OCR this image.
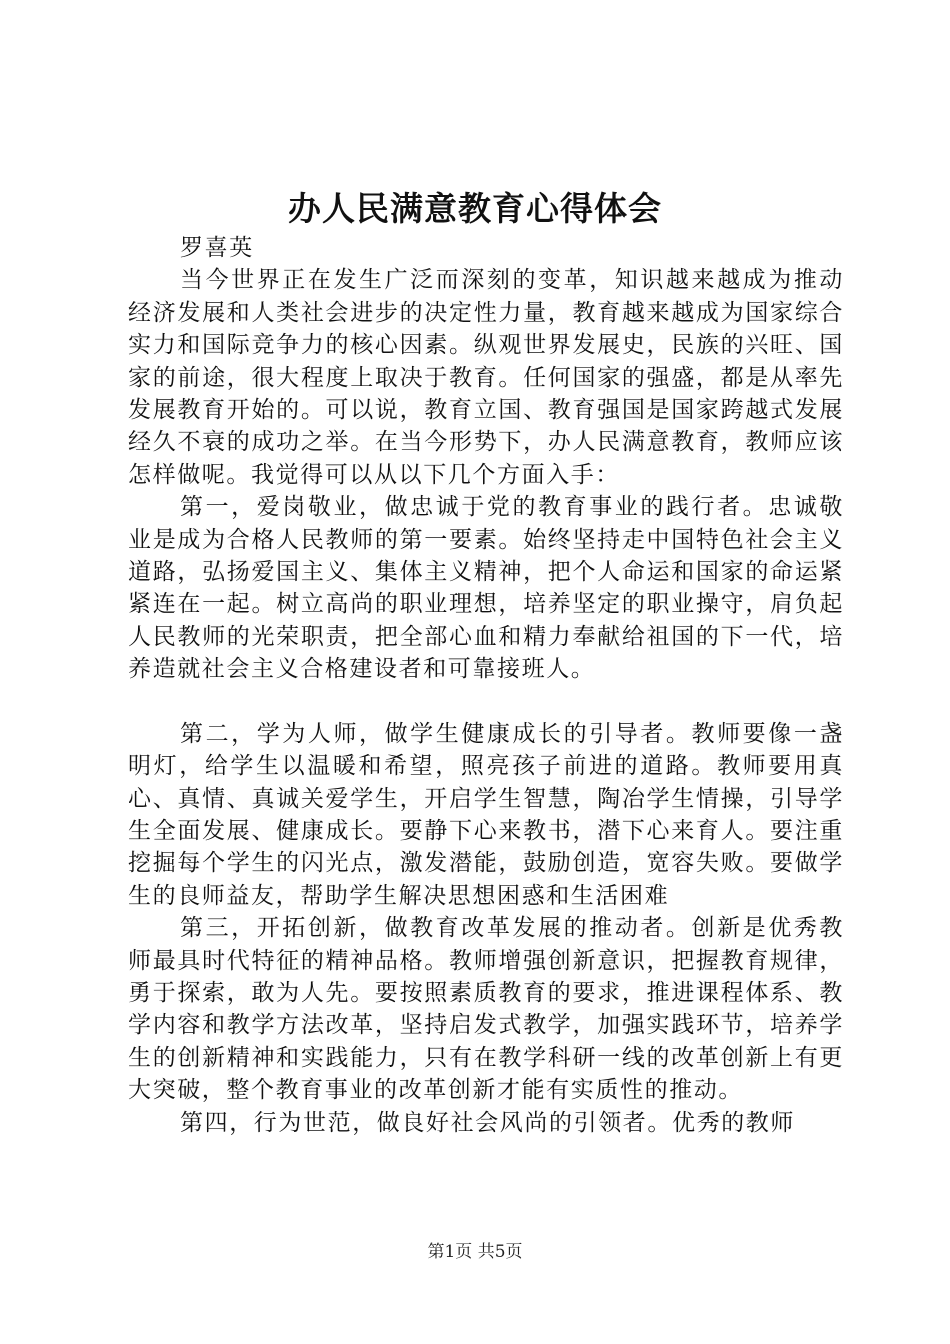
办人民满意教育心得体会

罗喜英

当今世界正在发生广泛而深刻的变革，知识越来越成为推动经济发展和人类社会进步的决定性力量，教育越来越成为国家综合实力和国际竞争力的核心因素。纵观世界发展史，民族的兴旺、国家的前途，很大程度上取决于教育。任何国家的强盛，都是从率先发展教育开始的。可以说，教育立国、教育强国是国家跨越式发展经久不衰的成功之举。在当今形势下，办人民满意教育，教师应该怎样做呢。我觉得可以从以下几个方面入手：

第一，爱岗敬业，做忠诚于党的教育事业的践行者。忠诚敬业是成为合格人民教师的第一要素。始终坚持走中国特色社会主义道路，弘扬爱国主义、集体主义精神，把个人命运和国家的命运紧紧连在一起。树立高尚的职业理想，培养坚定的职业操守，肩负起人民教师的光荣职责，把全部心血和精力奉献给祖国的下一代，培养造就社会主义合格建设者和可靠接班人。

第二，学为人师，做学生健康成长的引导者。教师要像一盏明灯，给学生以温暖和希望，照亮孩子前进的道路。教师要用真心、真情、真诚关爱学生，开启学生智慧，陶冶学生情操，引导学生全面发展、健康成长。要静下心来教书，潜下心来育人。要注重挖掘每个学生的闪光点，激发潜能，鼓励创造，宽容失败。要做学生的良师益友，帮助学生解决思想困惑和生活困难

第三，开拓创新，做教育改革发展的推动者。创新是优秀教师最具时代特征的精神品格。教师增强创新意识，把握教育规律，勇于探索，敢为人先。要按照素质教育的要求，推进课程体系、教学内容和教学方法改革，坚持启发式教学，加强实践环节，培养学生的创新精神和实践能力，只有在教学科研一线的改革创新上有更大突破，整个教育事业的改革创新才能有实质性的推动。

第四，行为世范，做良好社会风尚的引领者。优秀的教师

第1页 共5页
